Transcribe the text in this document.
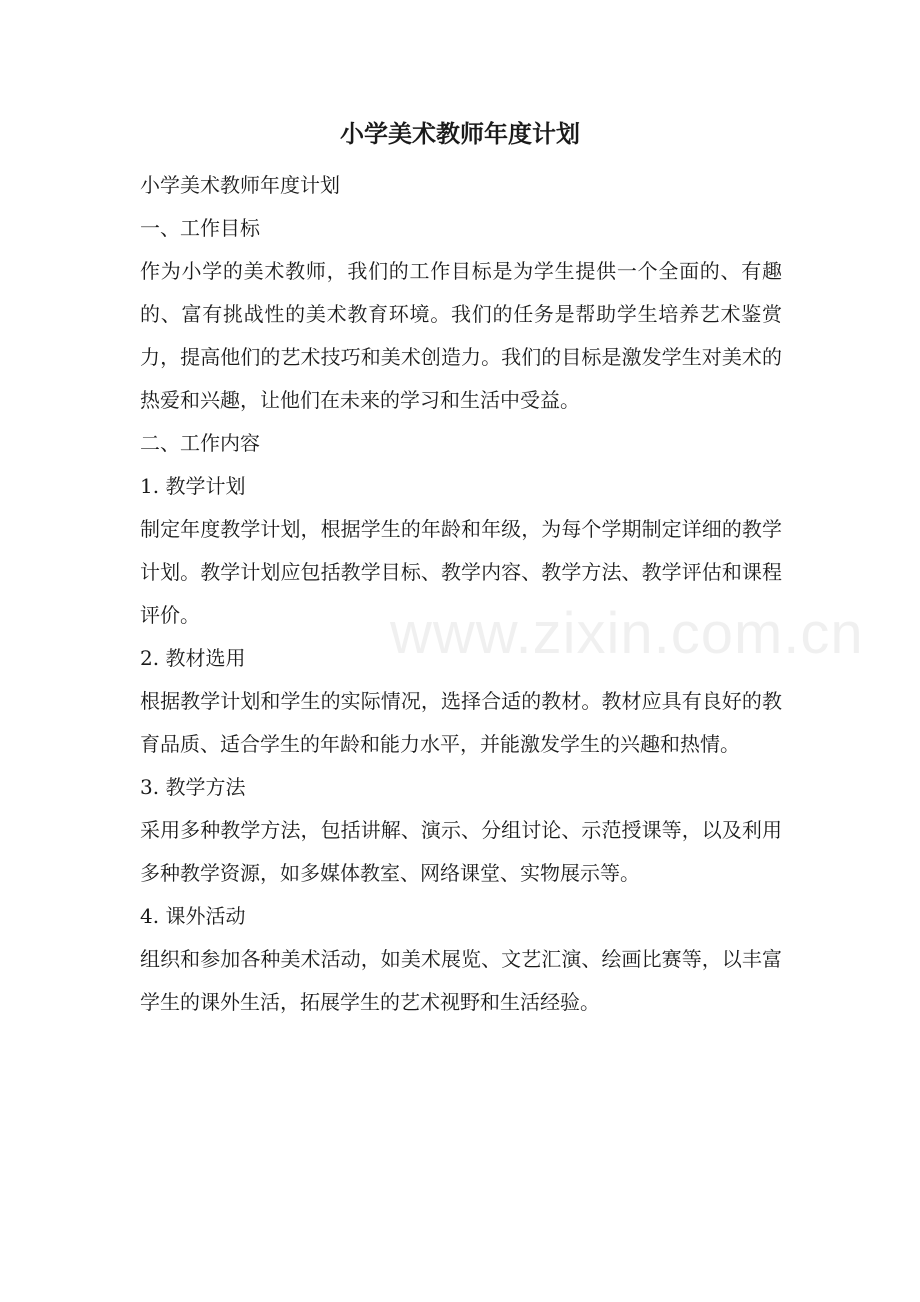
www.zixin.com.cn
小学美术教师年度计划

小学美术教师年度计划

一、工作目标

作为小学的美术教师，我们的工作目标是为学生提供一个全面的、有趣的、富有挑战性的美术教育环境。我们的任务是帮助学生培养艺术鉴赏力，提高他们的艺术技巧和美术创造力。我们的目标是激发学生对美术的热爱和兴趣，让他们在未来的学习和生活中受益。

二、工作内容

1. 教学计划

制定年度教学计划，根据学生的年龄和年级，为每个学期制定详细的教学计划。教学计划应包括教学目标、教学内容、教学方法、教学评估和课程评价。

2. 教材选用

根据教学计划和学生的实际情况，选择合适的教材。教材应具有良好的教育品质、适合学生的年龄和能力水平，并能激发学生的兴趣和热情。

3. 教学方法

采用多种教学方法，包括讲解、演示、分组讨论、示范授课等，以及利用多种教学资源，如多媒体教室、网络课堂、实物展示等。

4. 课外活动

组织和参加各种美术活动，如美术展览、文艺汇演、绘画比赛等，以丰富学生的课外生活，拓展学生的艺术视野和生活经验。
